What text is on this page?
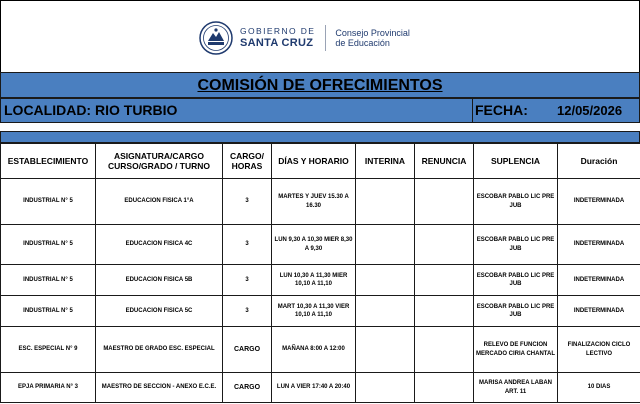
GOBIERNO DE
SANTA CRUZ
Consejo Provincial
de Educación
COMISIÓN DE OFRECIMIENTOS
LOCALIDAD: RIO TURBIO	FECHA: 12/05/2026
ESTABLECIMIENTO	ASIGNATURA/CARGO CURSO/GRADO / TURNO	CARGO/ HORAS	DÍAS Y HORARIO	INTERINA	RENUNCIA	SUPLENCIA	Duración
INDUSTRIAL N° 5	EDUCACION FISICA 1°A	3	MARTES Y JUEV 15.30 A 16.30			ESCOBAR PABLO LIC PRE JUB	INDETERMINADA
INDUSTRIAL N° 5	EDUCACION FISICA 4C	3	LUN 9,30 A 10,30 MIER 8,30 A 9,30			ESCOBAR PABLO LIC PRE JUB	INDETERMINADA
INDUSTRIAL N° 5	EDUCACION FISICA 5B	3	LUN 10,30 A 11,30 MIER 10,10 A 11,10			ESCOBAR PABLO LIC PRE JUB	INDETERMINADA
INDUSTRIAL N° 5	EDUCACION FISICA 5C	3	MART 10,30 A 11,30 VIER 10,10 A 11,10			ESCOBAR PABLO LIC PRE JUB	INDETERMINADA
ESC. ESPECIAL N° 9	MAESTRO DE GRADO ESC. ESPECIAL	CARGO	MAÑANA 8:00 A 12:00			RELEVO DE FUNCION MERCADO CIRIA CHANTAL	FINALIZACION CICLO LECTIVO
EPJA PRIMARIA N° 3	MAESTRO DE SECCION - ANEXO E.C.E.	CARGO	LUN A VIER 17:40 A 20:40			MARISA ANDREA LABAN ART. 11	10 DIAS
